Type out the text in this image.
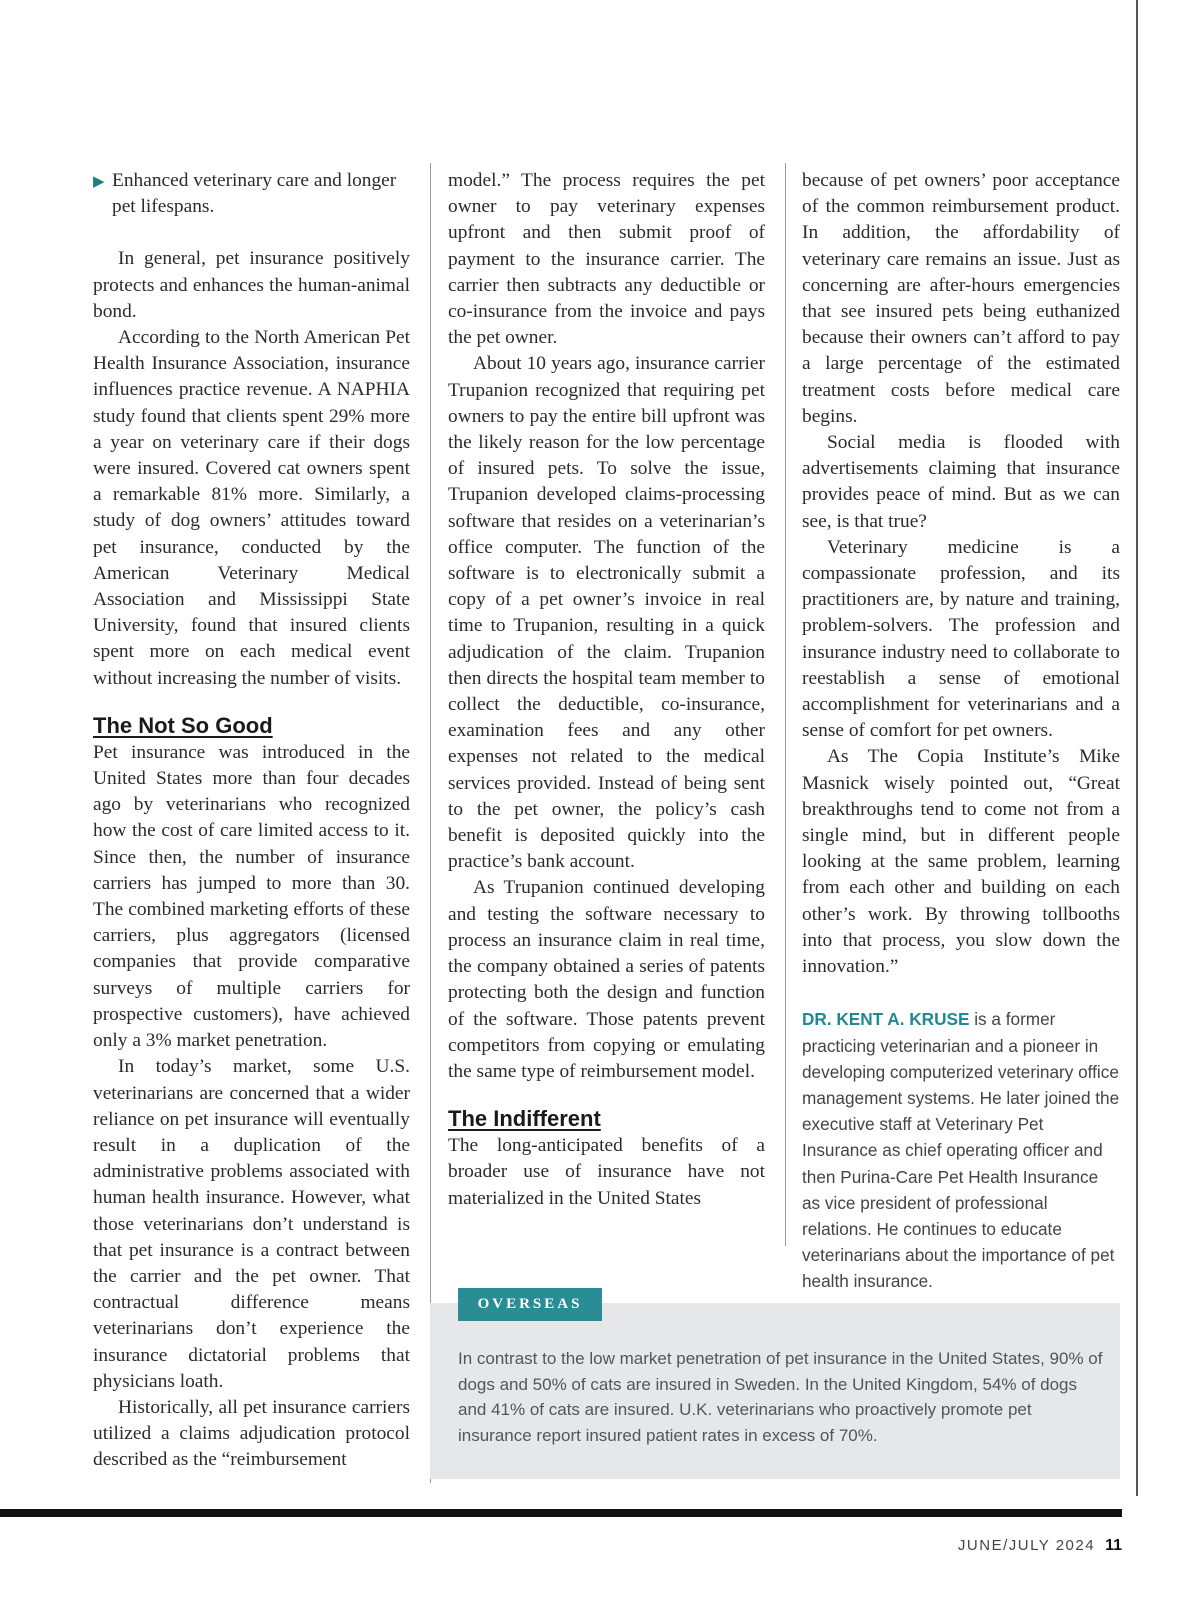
▶ Enhanced veterinary care and longer pet lifespans.

In general, pet insurance positively protects and enhances the human-animal bond.

According to the North American Pet Health Insurance Association, insurance influences practice revenue. A NAPHIA study found that clients spent 29% more a year on veterinary care if their dogs were insured. Covered cat owners spent a remarkable 81% more. Similarly, a study of dog owners’ attitudes toward pet insurance, conducted by the American Veterinary Medical Association and Mississippi State University, found that insured clients spent more on each medical event without increasing the number of visits.

The Not So Good

Pet insurance was introduced in the United States more than four decades ago by veterinarians who recognized how the cost of care limited access to it. Since then, the number of insurance carriers has jumped to more than 30. The combined marketing efforts of these carriers, plus aggregators (licensed companies that provide comparative surveys of multiple carriers for prospective customers), have achieved only a 3% market penetration.

In today’s market, some U.S. veterinarians are concerned that a wider reliance on pet insurance will eventually result in a duplication of the administrative problems associated with human health insurance. However, what those veterinarians don’t understand is that pet insurance is a contract between the carrier and the pet owner. That contractual difference means veterinarians don’t experience the insurance dictatorial problems that physicians loath.

Historically, all pet insurance carriers utilized a claims adjudication protocol described as the “reimbursement

model.” The process requires the pet owner to pay veterinary expenses upfront and then submit proof of payment to the insurance carrier. The carrier then subtracts any deductible or co-insurance from the invoice and pays the pet owner.

About 10 years ago, insurance carrier Trupanion recognized that requiring pet owners to pay the entire bill upfront was the likely reason for the low percentage of insured pets. To solve the issue, Trupanion developed claims-processing software that resides on a veterinarian’s office computer. The function of the software is to electronically submit a copy of a pet owner’s invoice in real time to Trupanion, resulting in a quick adjudication of the claim. Trupanion then directs the hospital team member to collect the deductible, co-insurance, examination fees and any other expenses not related to the medical services provided. Instead of being sent to the pet owner, the policy’s cash benefit is deposited quickly into the practice’s bank account.

As Trupanion continued developing and testing the software necessary to process an insurance claim in real time, the company obtained a series of patents protecting both the design and function of the software. Those patents prevent competitors from copying or emulating the same type of reimbursement model.

The Indifferent

The long-anticipated benefits of a broader use of insurance have not materialized in the United States

because of pet owners’ poor acceptance of the common reimbursement product. In addition, the affordability of veterinary care remains an issue. Just as concerning are after-hours emergencies that see insured pets being euthanized because their owners can’t afford to pay a large percentage of the estimated treatment costs before medical care begins.

Social media is flooded with advertisements claiming that insurance provides peace of mind. But as we can see, is that true?

Veterinary medicine is a compassionate profession, and its practitioners are, by nature and training, problem-solvers. The profession and insurance industry need to collaborate to reestablish a sense of emotional accomplishment for veterinarians and a sense of comfort for pet owners.

As The Copia Institute’s Mike Masnick wisely pointed out, “Great breakthroughs tend to come not from a single mind, but in different people looking at the same problem, learning from each other and building on each other’s work. By throwing tollbooths into that process, you slow down the innovation.”

DR. KENT A. KRUSE is a former practicing veterinarian and a pioneer in developing computerized veterinary office management systems. He later joined the executive staff at Veterinary Pet Insurance as chief operating officer and then Purina-Care Pet Health Insurance as vice president of professional relations. He continues to educate veterinarians about the importance of pet health insurance.

OVERSEAS
In contrast to the low market penetration of pet insurance in the United States, 90% of dogs and 50% of cats are insured in Sweden. In the United Kingdom, 54% of dogs and 41% of cats are insured. U.K. veterinarians who proactively promote pet insurance report insured patient rates in excess of 70%.
JUNE/JULY 2024 11
